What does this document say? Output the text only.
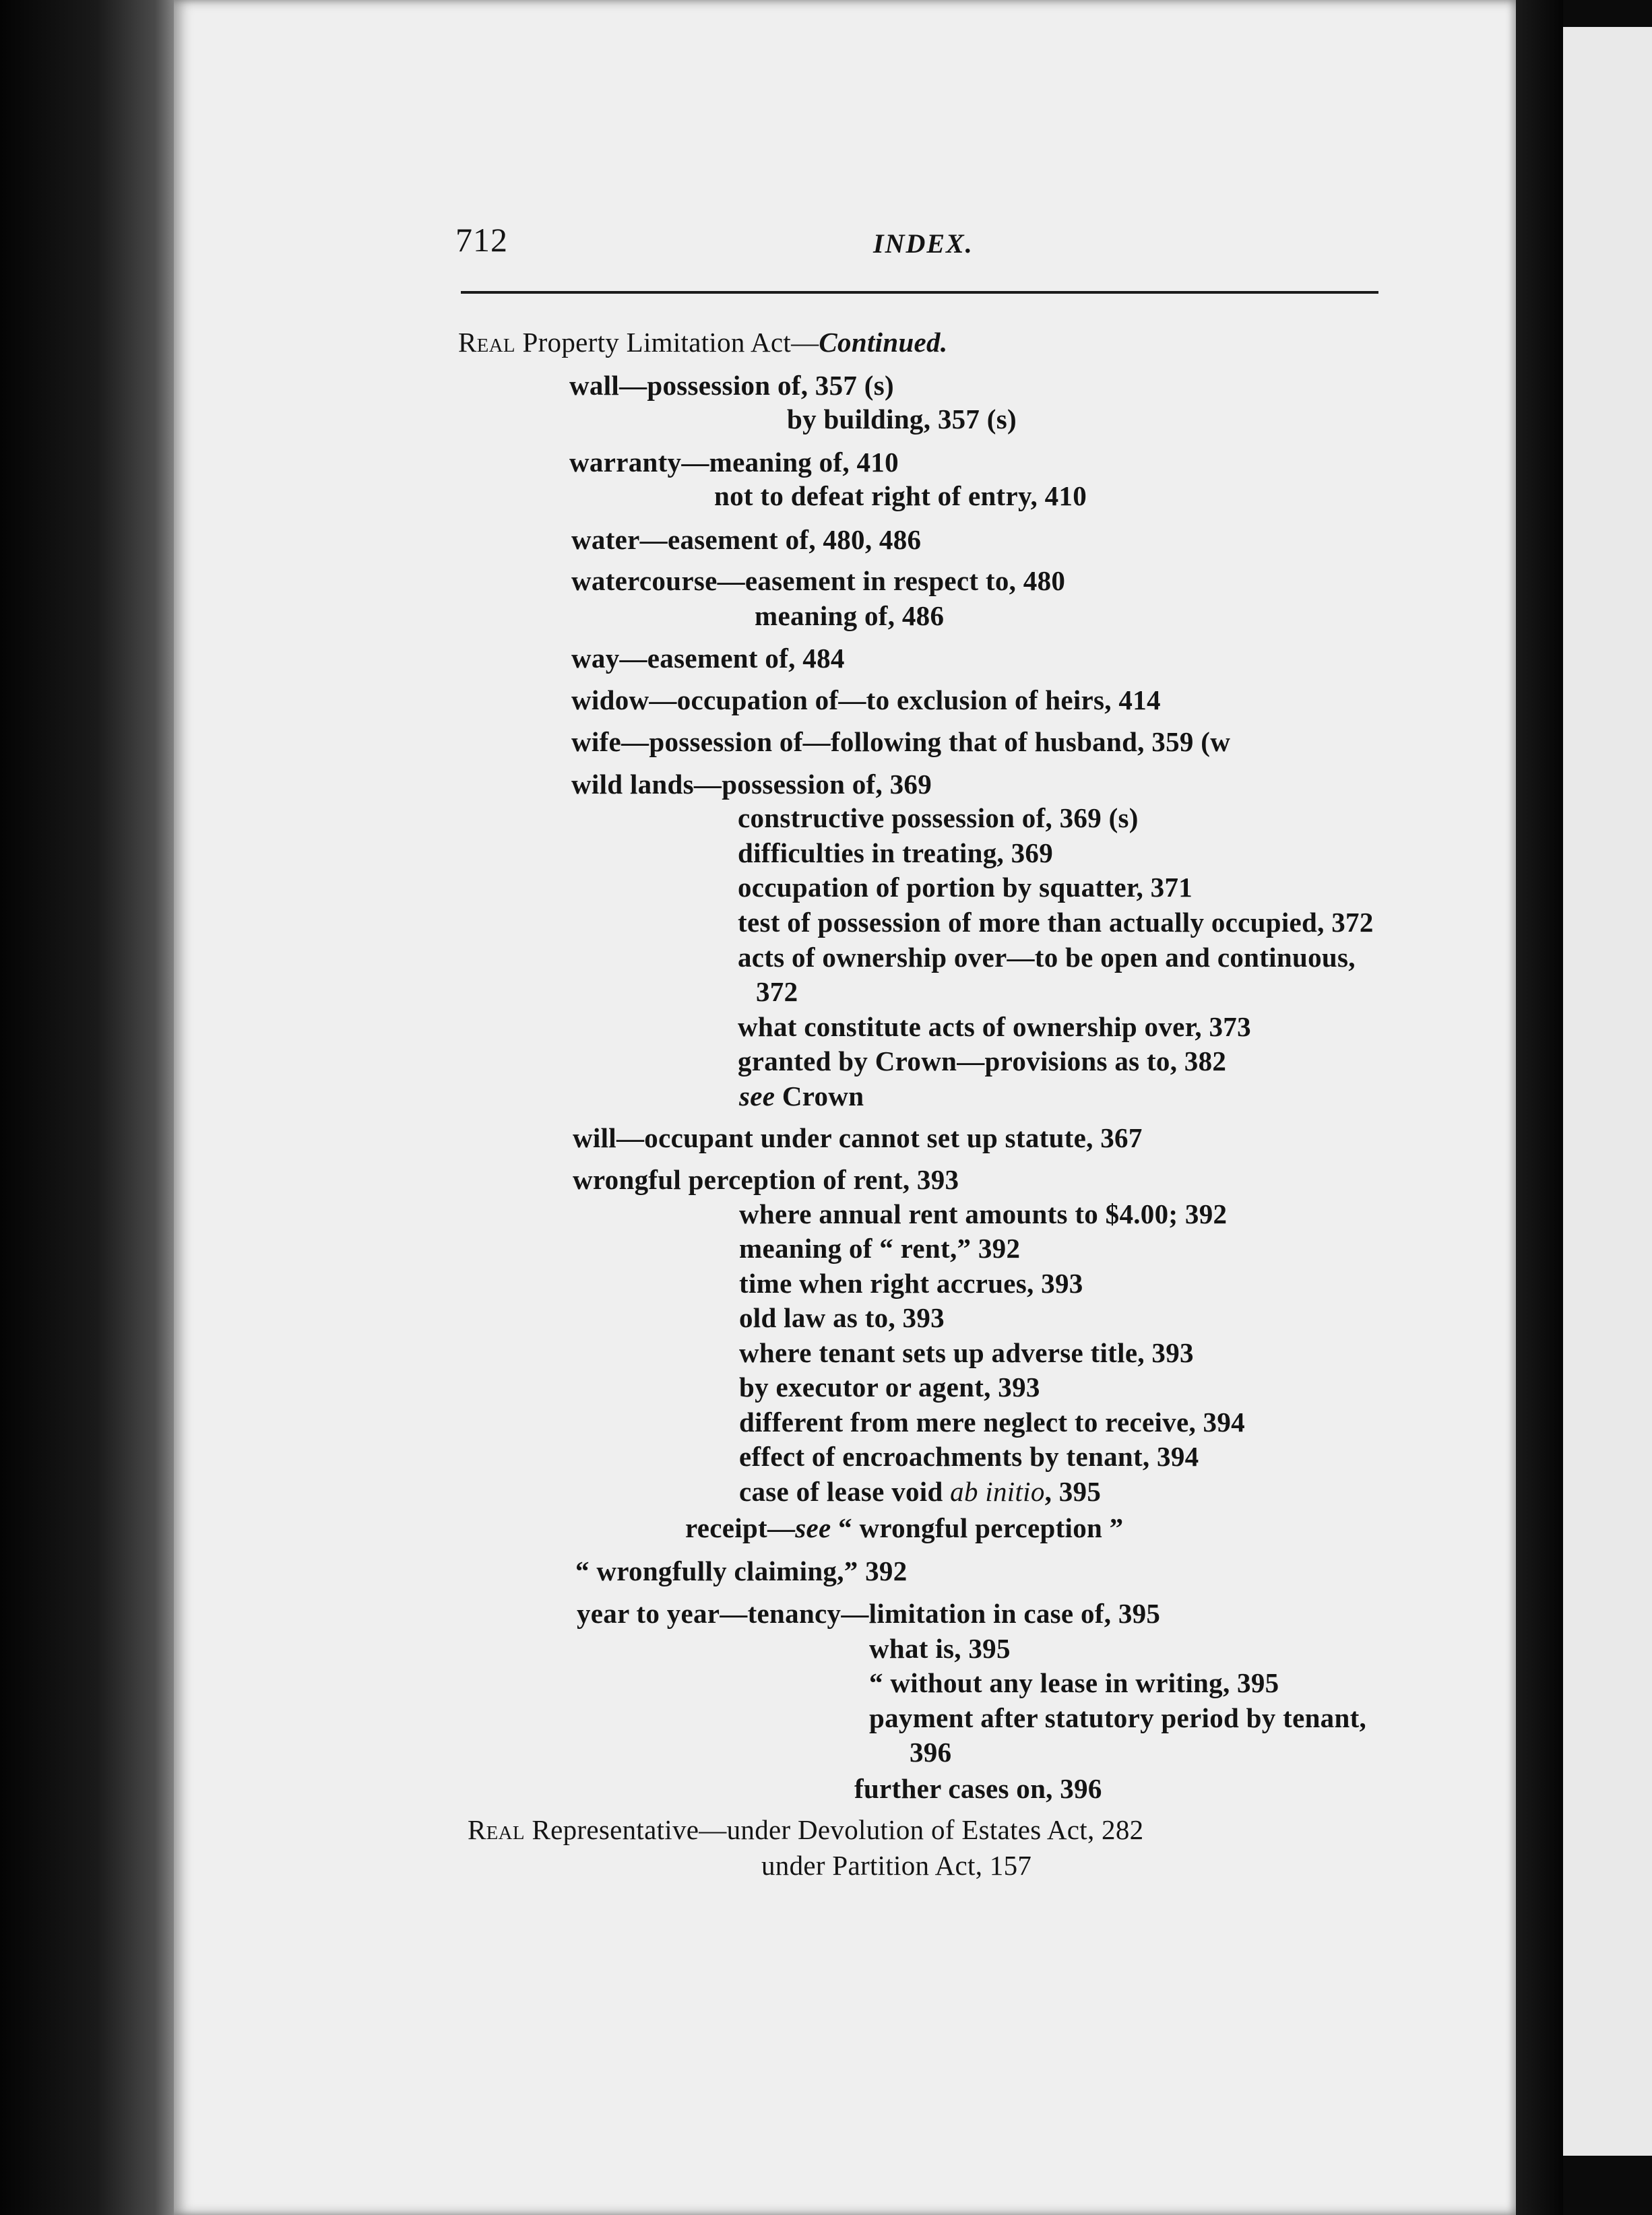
712	INDEX.
Real Property Limitation Act—Continued.
wall—possession of, 357 (s)
by building, 357 (s)
warranty—meaning of, 410
not to defeat right of entry, 410
water—easement of, 480, 486
watercourse—easement in respect to, 480
meaning of, 486
way—easement of, 484
widow—occupation of—to exclusion of heirs, 414
wife—possession of—following that of husband, 359 (w
wild lands—possession of, 369
constructive possession of, 369 (s)
difficulties in treating, 369
occupation of portion by squatter, 371
test of possession of more than actually occupied, 372
acts of ownership over—to be open and continuous,
372
what constitute acts of ownership over, 373
granted by Crown—provisions as to, 382
see Crown
will—occupant under cannot set up statute, 367
wrongful perception of rent, 393
where annual rent amounts to $4.00; 392
meaning of “ rent,” 392
time when right accrues, 393
old law as to, 393
where tenant sets up adverse title, 393
by executor or agent, 393
different from mere neglect to receive, 394
effect of encroachments by tenant, 394
case of lease void ab initio, 395
receipt—see “ wrongful perception ”
“ wrongfully claiming,” 392
year to year—tenancy—limitation in case of, 395
what is, 395
“ without any lease in writing, 395
payment after statutory period by tenant,
396
further cases on, 396
Real Representative—under Devolution of Estates Act, 282
under Partition Act, 157
